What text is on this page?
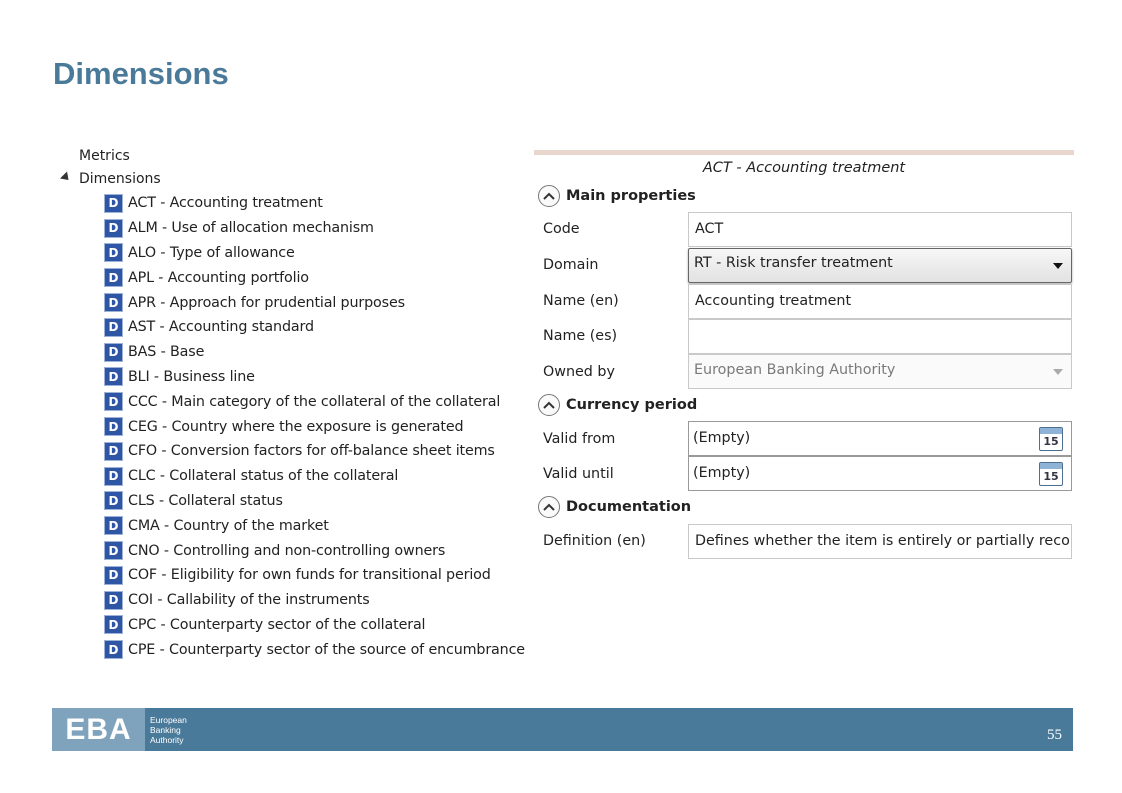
Dimensions
Metrics
Dimensions
D ACT - Accounting treatment
D ALM - Use of allocation mechanism
D ALO - Type of allowance
D APL - Accounting portfolio
D APR - Approach for prudential purposes
D AST - Accounting standard
D BAS - Base
D BLI - Business line
D CCC - Main category of the collateral of the collateral
D CEG - Country where the exposure is generated
D CFO - Conversion factors for off-balance sheet items
D CLC - Collateral status of the collateral
D CLS - Collateral status
D CMA - Country of the market
D CNO - Controlling and non-controlling owners
D COF - Eligibility for own funds for transitional period
D COI - Callability of the instruments
D CPC - Counterparty sector of the collateral
D CPE - Counterparty sector of the source of encumbrance
ACT - Accounting treatment
Main properties
Code	ACT
Domain	RT - Risk transfer treatment
Name (en)	Accounting treatment
Name (es)
Owned by	European Banking Authority
Currency period
Valid from	(Empty)	15
Valid until	(Empty)	15
Documentation
Definition (en)	Defines whether the item is entirely or partially reco
EBA European
Banking
Authority	55
